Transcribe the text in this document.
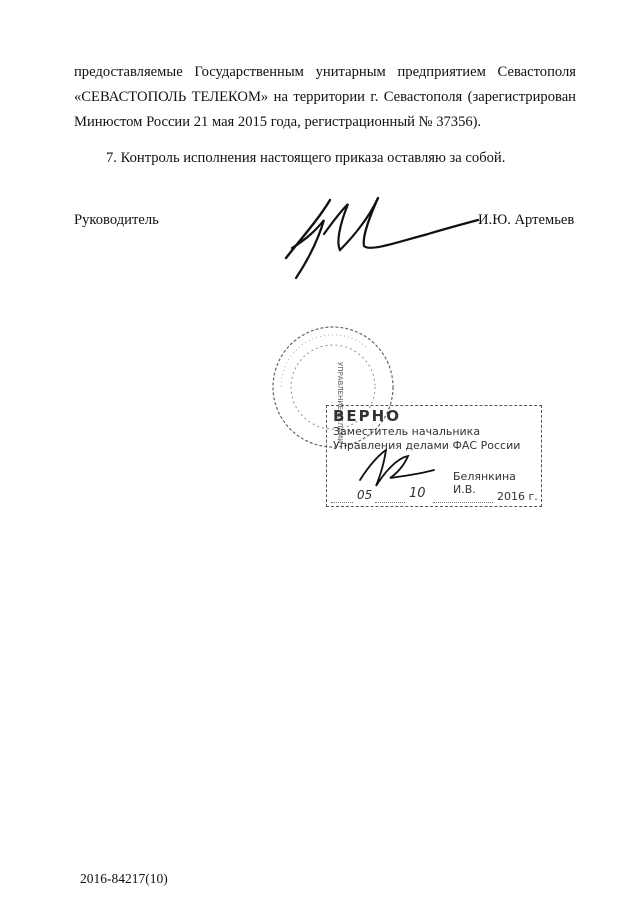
предоставляемые Государственным унитарным предприятием Севастополя
«СЕВАСТОПОЛЬ ТЕЛЕКОМ» на территории г. Севастополя (зарегистрирован
Минюстом России 21 мая 2015 года, регистрационный № 37356).
7. Контроль исполнения настоящего приказа оставляю за собой.
Руководитель	И.Ю. Артемьев
· · · · · · · · · · · · · · · · · · · · · · · · · · · · · ·
УПРАВЛЕНИЕ ДЕЛАМИ
ВЕРНО
Заместитель начальника
Управления делами ФАС России
Белянкина И.В.
05	10	2016 г.
2016-84217(10)
